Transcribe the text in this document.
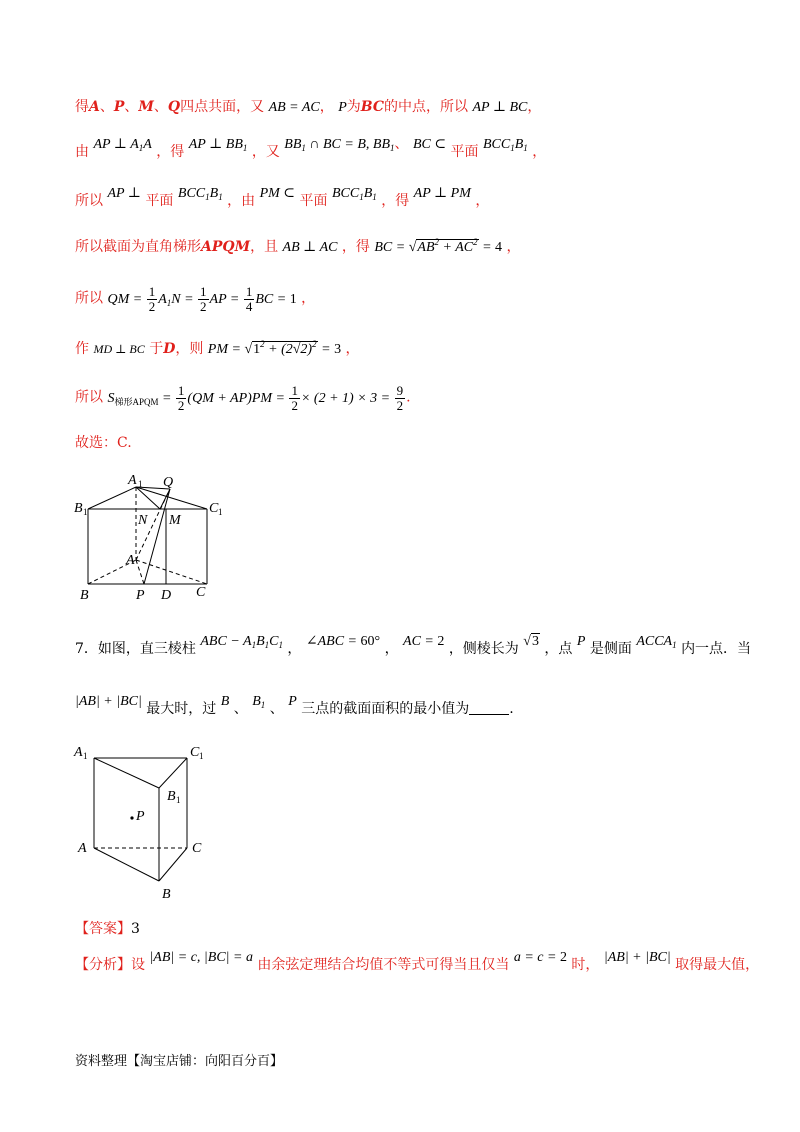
得A、P、M、Q四点共面，又 AB = AC， P为BC的中点，所以 AP ⊥ BC，
由 AP ⊥ $A_1A$ ，得 AP ⊥ $BB_1$ ，又 $BB_1$ ∩ BC = B, $BB_1$、 BC ⊂ 平面 $BCC_1B_1$ ，
所以 AP ⊥ 平面 $BCC_1B_1$ ，由 PM ⊂ 平面 $BCC_1B_1$ ，得 AP ⊥ PM ，
所以截面为直角梯形APQM，且 AB ⊥ AC ，得 BC = $√AB^2 + AC^2 = 4$ ，
所以 QM = $\frac{1}{2} A_1N = \frac{1}{2}$ AP = $\frac{1}{4}$ BC = 1 ，
作 MD ⊥ BC 于D，则 PM = $√1^2 + (2√2)^2 = 3$ ，
所以 $S_{梯形APQM} = \frac{1}{2} (QM + AP)PM = \frac{1}{2} \times (2 + 1) \times 3 = \frac{9}{2}$ .
故选：C.
A 1 Q
B 1
N M
C 1
A
B	P D C
7．如图，直三棱柱 ABC − $A_1B_1C_1$ ， ∠ABC = 60° ， AC = 2 ，侧棱长为 √3 ，点 P 是侧面 $ACCA_1$ 内一点．当
|AB| + |BC| 最大时，过 B 、 $B_1$ 、 P 三点的截面面积的最小值为	.
A 1	C 1
B 1
P
A	C
B
【答案】3
【分析】设 |AB| = c, |BC| = a 由余弦定理结合均值不等式可得当且仅当 a = c = 2 时， |AB| + |BC| 取得最大值，
资料整理【淘宝店铺：向阳百分百】
